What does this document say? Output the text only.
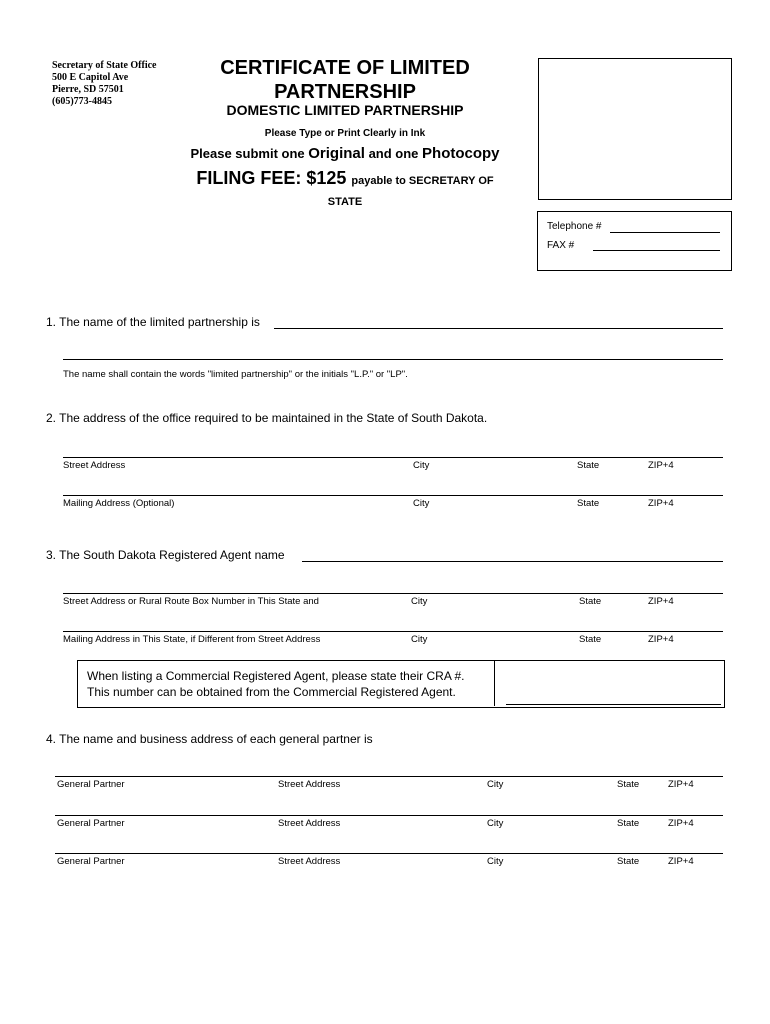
Secretary of State Office
500 E Capitol Ave
Pierre, SD 57501
(605)773-4845
CERTIFICATE OF LIMITED
PARTNERSHIP
DOMESTIC LIMITED PARTNERSHIP
Please Type or Print Clearly in Ink
Please submit one Original and one Photocopy
FILING FEE: $125 payable to SECRETARY OF STATE
Telephone #
FAX #
1. The name of the limited partnership is
The name shall contain the words "limited partnership" or the initials "L.P." or "LP".
2. The address of the office required to be maintained in the State of South Dakota.
Street Address	City	State	ZIP+4
Mailing Address (Optional)	City	State	ZIP+4
3. The South Dakota Registered Agent name
Street Address or Rural Route Box Number in This State and	City	State	ZIP+4
Mailing Address in This State, if Different from Street Address	City	State	ZIP+4
When listing a Commercial Registered Agent, please state their CRA #.
This number can be obtained from the Commercial Registered Agent.
4. The name and business address of each general partner is
General Partner	Street Address	City	State	ZIP+4
General Partner	Street Address	City	State	ZIP+4
General Partner	Street Address	City	State	ZIP+4
